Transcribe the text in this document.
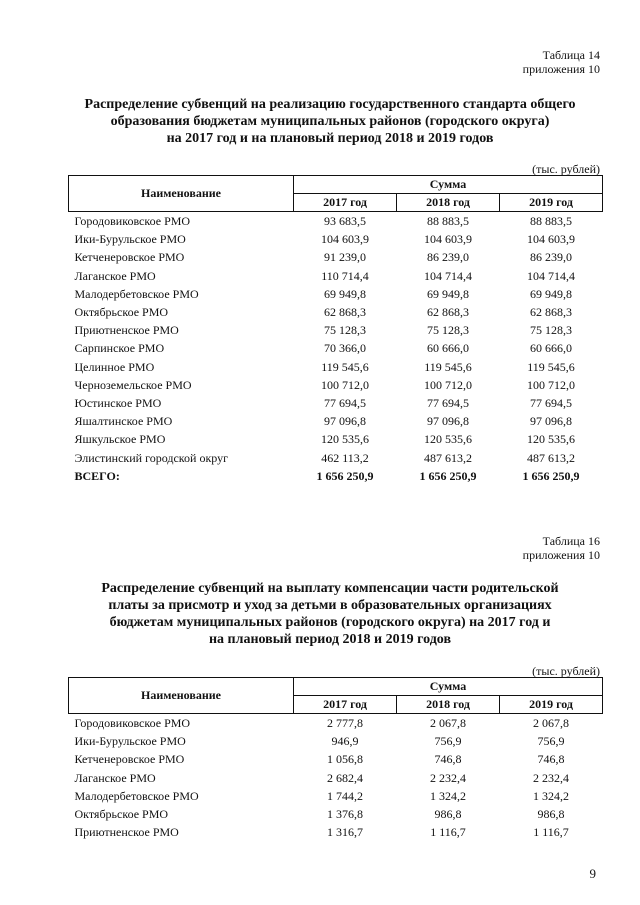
Таблица 14
приложения 10
Распределение субвенций на реализацию государственного стандарта общего
образования бюджетам муниципальных районов (городского округа)
на 2017 год и на плановый период 2018 и 2019 годов
(тыс. рублей)
Наименование	Сумма		
	2017 год	2018 год	2019 год
Городовиковское РМО	93 683,5	88 883,5	88 883,5
Ики-Бурульское РМО	104 603,9	104 603,9	104 603,9
Кетченеровское РМО	91 239,0	86 239,0	86 239,0
Лаганское РМО	110 714,4	104 714,4	104 714,4
Малодербетовское РМО	69 949,8	69 949,8	69 949,8
Октябрьское РМО	62 868,3	62 868,3	62 868,3
Приютненское РМО	75 128,3	75 128,3	75 128,3
Сарпинское РМО	70 366,0	60 666,0	60 666,0
Целинное РМО	119 545,6	119 545,6	119 545,6
Черноземельское РМО	100 712,0	100 712,0	100 712,0
Юстинское РМО	77 694,5	77 694,5	77 694,5
Яшалтинское РМО	97 096,8	97 096,8	97 096,8
Яшкульское РМО	120 535,6	120 535,6	120 535,6
Элистинский городской округ	462 113,2	487 613,2	487 613,2
ВСЕГО:	1 656 250,9	1 656 250,9	1 656 250,9
Таблица 16
приложения 10
Распределение субвенций на выплату компенсации части родительской
платы за присмотр и уход за детьми в образовательных организациях
бюджетам муниципальных районов (городского округа) на 2017 год и
на плановый период 2018 и 2019 годов
(тыс. рублей)
Наименование	Сумма		
	2017 год	2018 год	2019 год
Городовиковское РМО	2 777,8	2 067,8	2 067,8
Ики-Бурульское РМО	946,9	756,9	756,9
Кетченеровское РМО	1 056,8	746,8	746,8
Лаганское РМО	2 682,4	2 232,4	2 232,4
Малодербетовское РМО	1 744,2	1 324,2	1 324,2
Октябрьское РМО	1 376,8	986,8	986,8
Приютненское РМО	1 316,7	1 116,7	1 116,7
9
